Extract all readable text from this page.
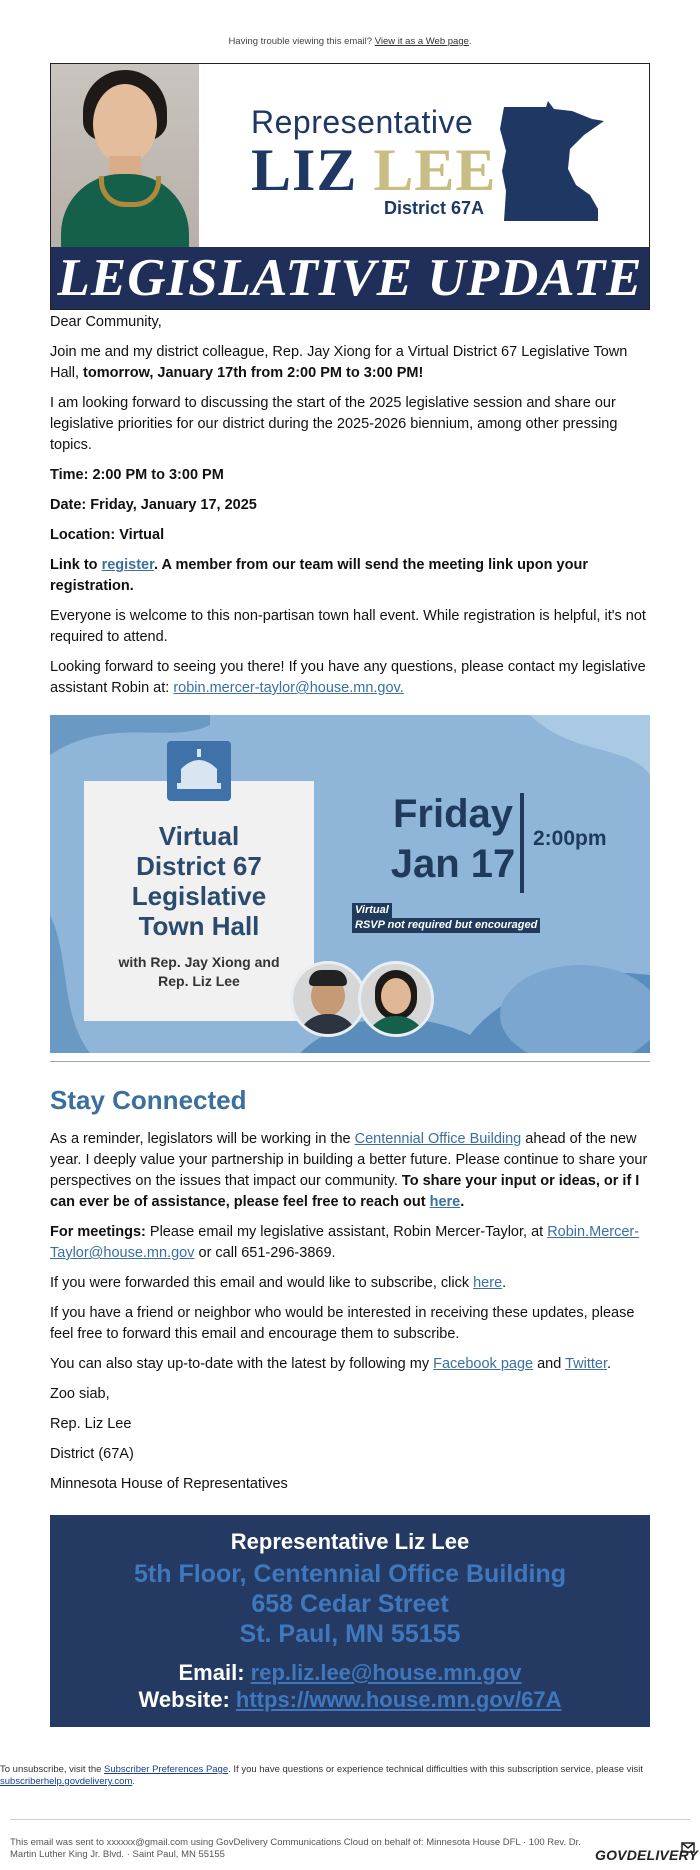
Having trouble viewing this email? View it as a Web page.
Representative
LIZ LEE
District 67A
LEGISLATIVE UPDATE

Dear Community,

Join me and my district colleague, Rep. Jay Xiong for a Virtual District 67 Legislative Town Hall, tomorrow, January 17th from 2:00 PM to 3:00 PM!

I am looking forward to discussing the start of the 2025 legislative session and share our legislative priorities for our district during the 2025-2026 biennium, among other pressing topics.

Time: 2:00 PM to 3:00 PM

Date: Friday, January 17, 2025

Location: Virtual

Link to register. A member from our team will send the meeting link upon your registration.

Everyone is welcome to this non-partisan town hall event. While registration is helpful, it's not required to attend.

Looking forward to seeing you there! If you have any questions, please contact my legislative assistant Robin at: robin.mercer-taylor@house.mn.gov.

Virtual
District 67
Legislative
Town Hall
with Rep. Jay Xiong and
Rep. Liz Lee
Friday
Jan 17
2:00pm
Virtual
RSVP not required but encouraged
Stay Connected

As a reminder, legislators will be working in the Centennial Office Building ahead of the new year. I deeply value your partnership in building a better future. Please continue to share your perspectives on the issues that impact our community. To share your input or ideas, or if I can ever be of assistance, please feel free to reach out here.

For meetings: Please email my legislative assistant, Robin Mercer-Taylor, at Robin.Mercer-Taylor@house.mn.gov or call 651-296-3869.

If you were forwarded this email and would like to subscribe, click here.

If you have a friend or neighbor who would be interested in receiving these updates, please feel free to forward this email and encourage them to subscribe.

You can also stay up-to-date with the latest by following my Facebook page and Twitter.

Zoo siab,

Rep. Liz Lee

District (67A)

Minnesota House of Representatives

Representative Liz Lee
5th Floor, Centennial Office Building
658 Cedar Street
St. Paul, MN 55155
Email: rep.liz.lee@house.mn.gov
Website: https://www.house.mn.gov/67A
To unsubscribe, visit the Subscriber Preferences Page. If you have questions or experience technical difficulties with this subscription service, please visit subscriberhelp.govdelivery.com.
This email was sent to xxxxxx@gmail.com using GovDelivery Communications Cloud on behalf of: Minnesota House DFL · 100 Rev. Dr. Martin Luther King Jr. Blvd. · Saint Paul, MN 55155	GOVDELIVERY
